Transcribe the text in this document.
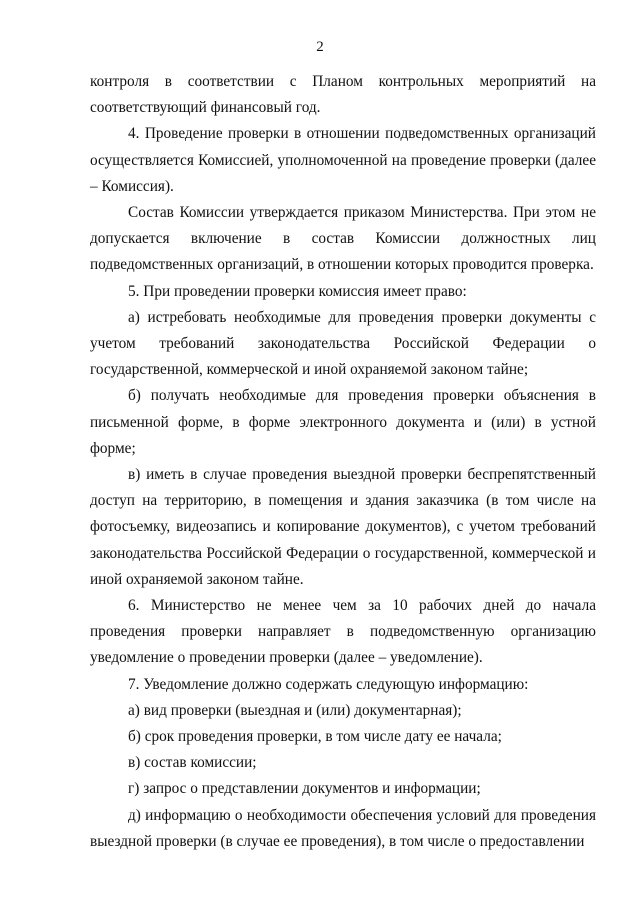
2

контроля в соответствии с Планом контрольных мероприятий на соответствующий финансовый год.

4. Проведение проверки в отношении подведомственных организаций осуществляется Комиссией, уполномоченной на проведение проверки (далее – Комиссия).

Состав Комиссии утверждается приказом Министерства. При этом не допускается включение в состав Комиссии должностных лиц подведомственных организаций, в отношении которых проводится проверка.

5. При проведении проверки комиссия имеет право:

а) истребовать необходимые для проведения проверки документы с учетом требований законодательства Российской Федерации о государственной, коммерческой и иной охраняемой законом тайне;

б) получать необходимые для проведения проверки объяснения в письменной форме, в форме электронного документа и (или) в устной форме;

в) иметь в случае проведения выездной проверки беспрепятственный доступ на территорию, в помещения и здания заказчика (в том числе на фотосъемку, видеозапись и копирование документов), с учетом требований законодательства Российской Федерации о государственной, коммерческой и иной охраняемой законом тайне.

6. Министерство не менее чем за 10 рабочих дней до начала проведения проверки направляет в подведомственную организацию уведомление о проведении проверки (далее – уведомление).

7. Уведомление должно содержать следующую информацию:

а) вид проверки (выездная и (или) документарная);

б) срок проведения проверки, в том числе дату ее начала;

в) состав комиссии;

г) запрос о представлении документов и информации;

д) информацию о необходимости обеспечения условий для проведения выездной проверки (в случае ее проведения), в том числе о предоставлении
